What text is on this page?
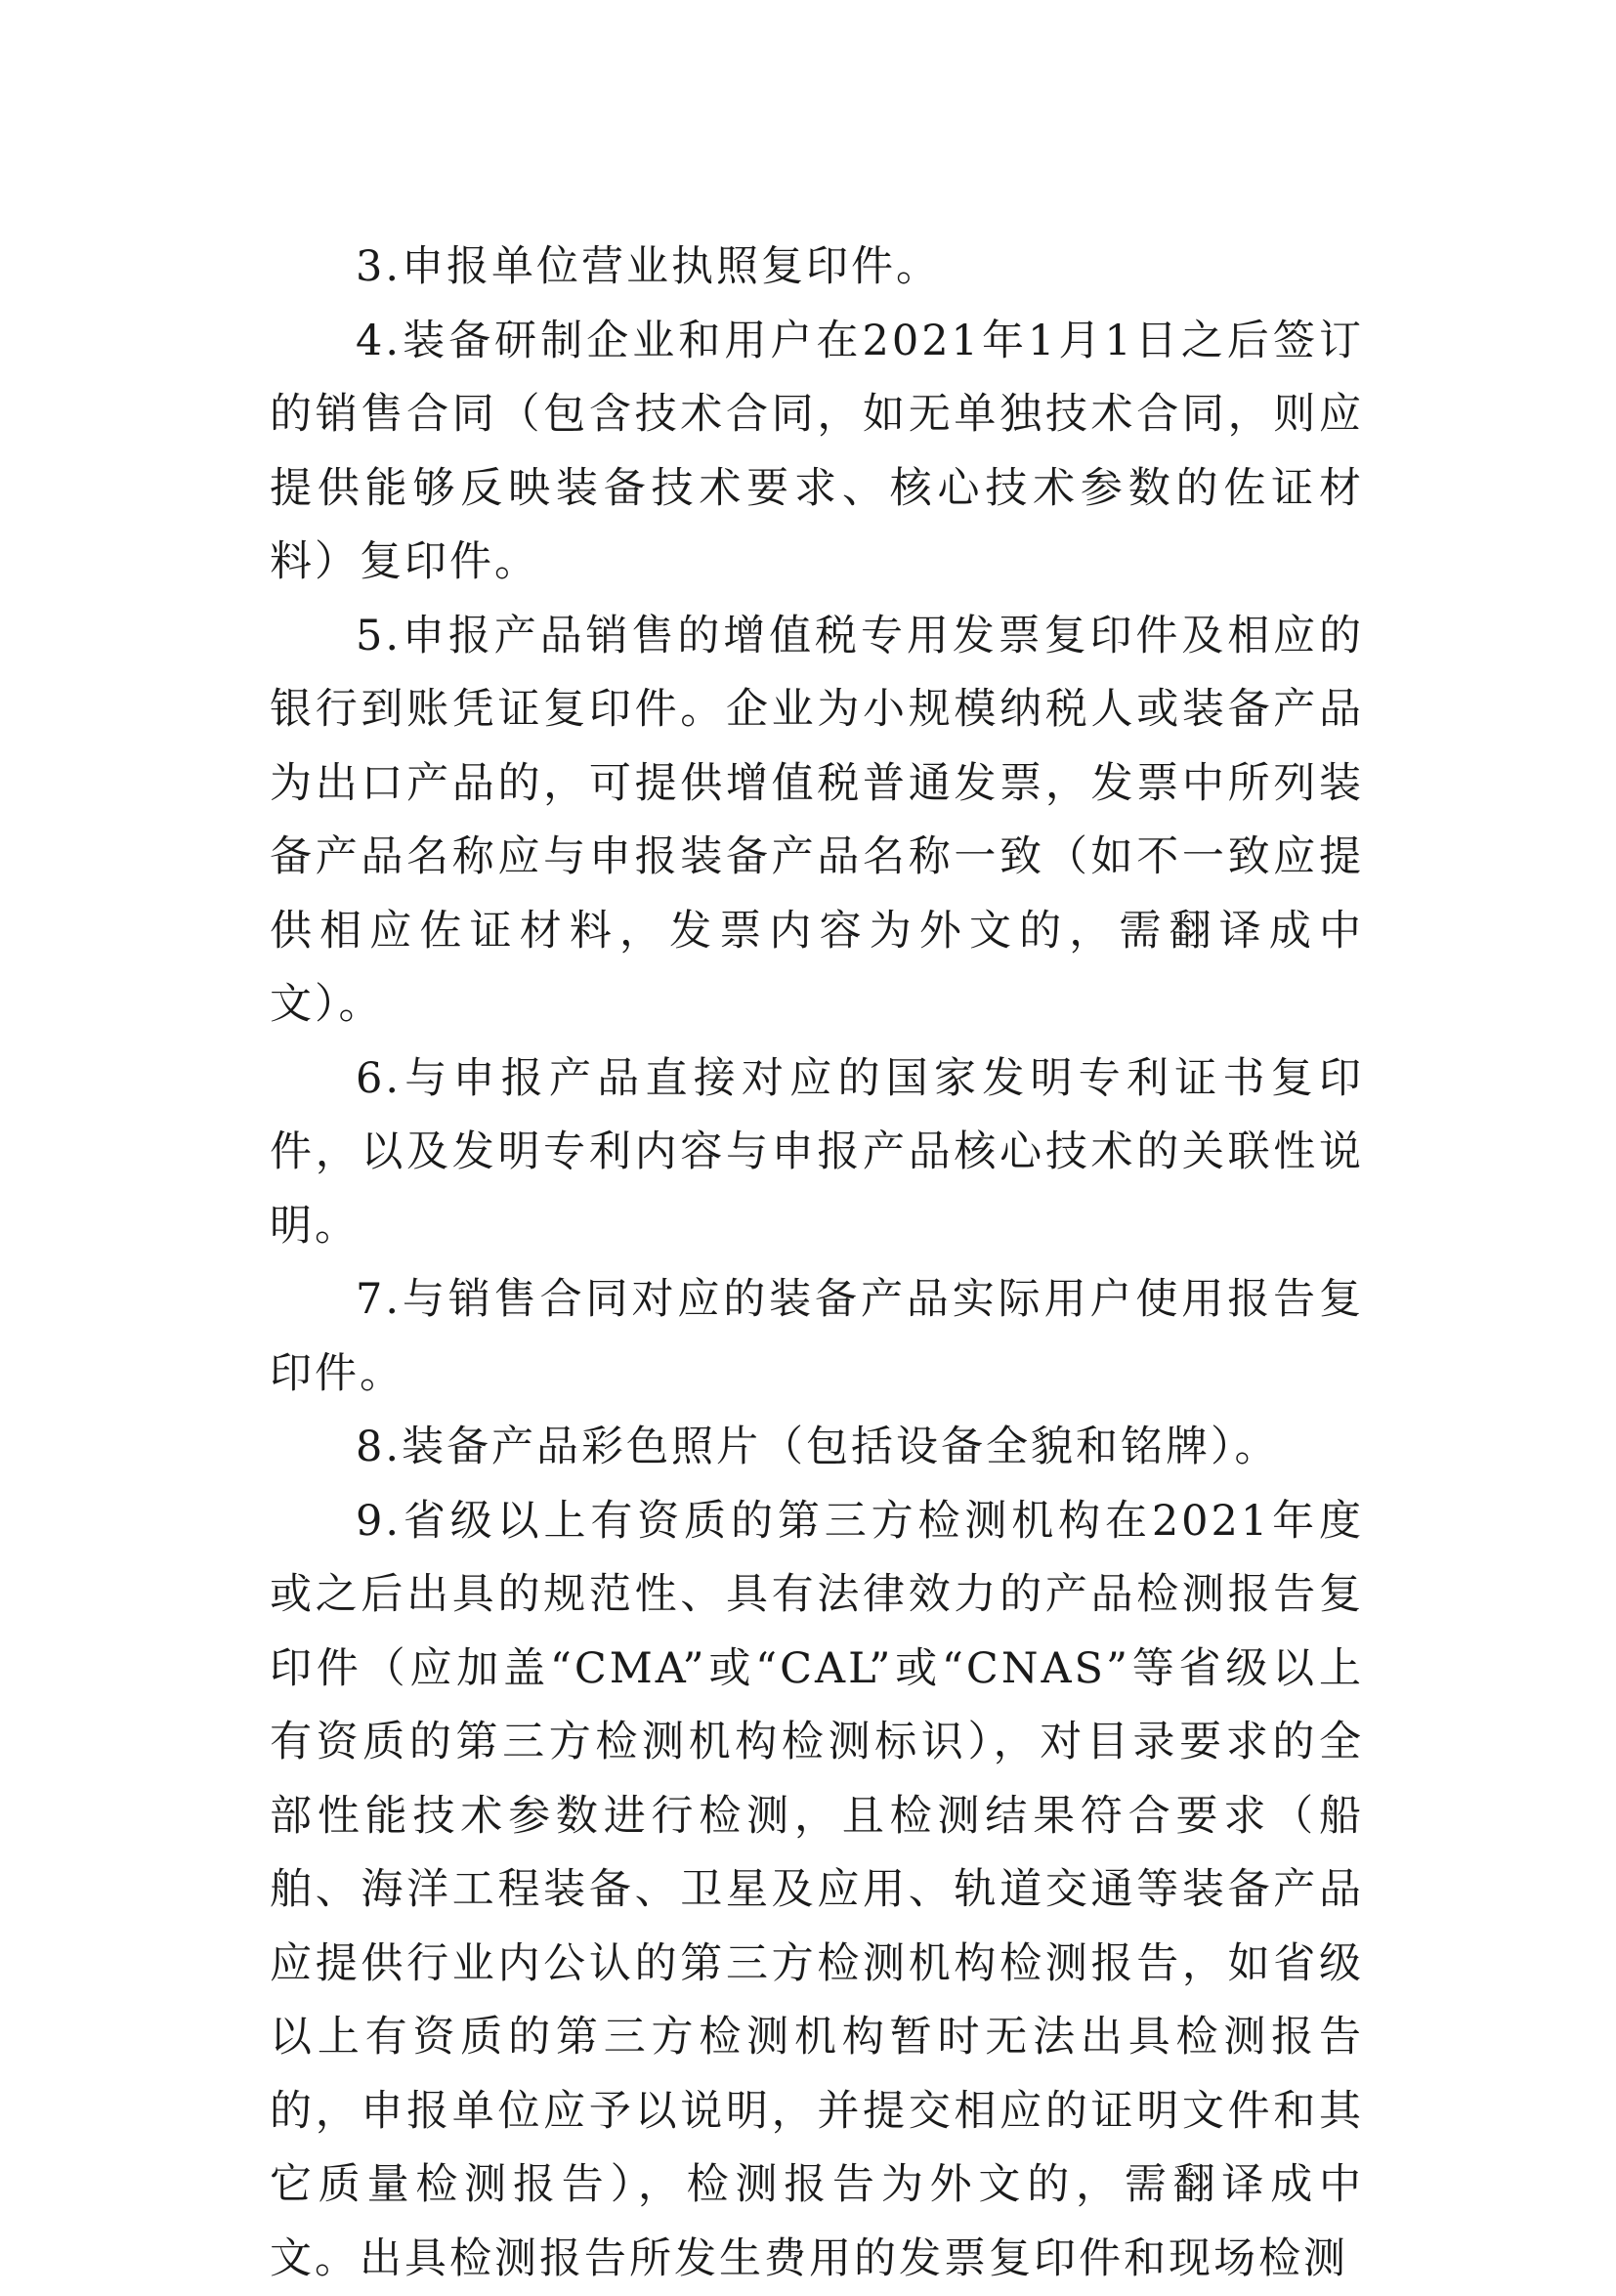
3.申报单位营业执照复印件。

4.装备研制企业和用户在2021年1月1日之后签订的销售合同（包含技术合同，如无单独技术合同，则应提供能够反映装备技术要求、核心技术参数的佐证材料）复印件。

5.申报产品销售的增值税专用发票复印件及相应的银行到账凭证复印件。企业为小规模纳税人或装备产品为出口产品的，可提供增值税普通发票，发票中所列装备产品名称应与申报装备产品名称一致（如不一致应提供相应佐证材料，发票内容为外文的，需翻译成中文）。

6.与申报产品直接对应的国家发明专利证书复印件，以及发明专利内容与申报产品核心技术的关联性说明。

7.与销售合同对应的装备产品实际用户使用报告复印件。

8.装备产品彩色照片（包括设备全貌和铭牌）。

9.省级以上有资质的第三方检测机构在2021年度或之后出具的规范性、具有法律效力的产品检测报告复印件（应加盖“CMA”或“CAL”或“CNAS”等省级以上有资质的第三方检测机构检测标识），对目录要求的全部性能技术参数进行检测，且检测结果符合要求（船舶、海洋工程装备、卫星及应用、轨道交通等装备产品应提供行业内公认的第三方检测机构检测报告，如省级以上有资质的第三方检测机构暂时无法出具检测报告的，申报单位应予以说明，并提交相应的证明文件和其它质量检测报告），检测报告为外文的，需翻译成中文。出具检测报告所发生费用的发票复印件和现场检测
